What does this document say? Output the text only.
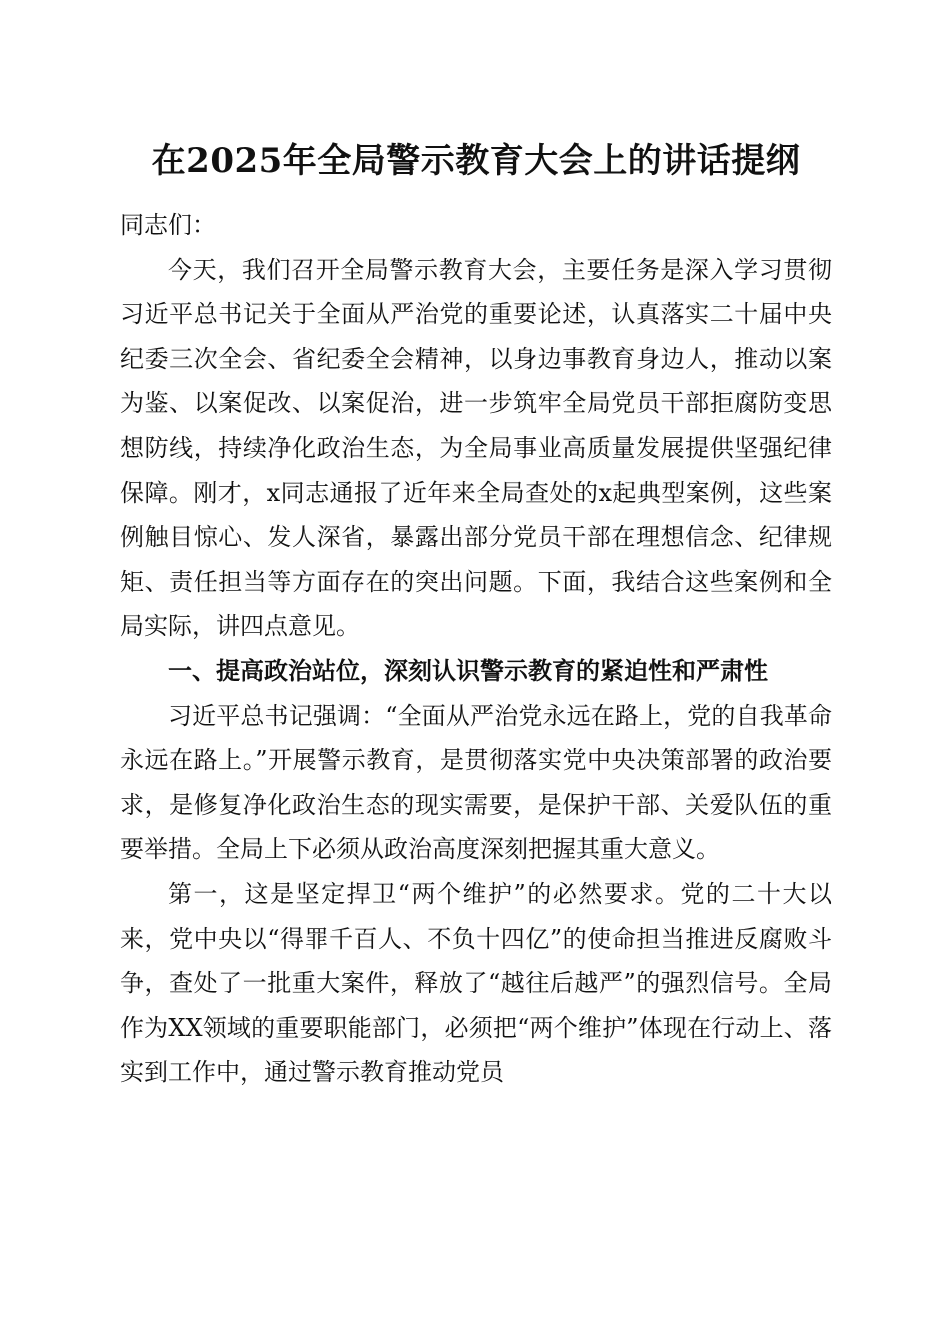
在2025年全局警示教育大会上的讲话提纲

同志们：

今天，我们召开全局警示教育大会，主要任务是深入学习贯彻习近平总书记关于全面从严治党的重要论述，认真落实二十届中央纪委三次全会、省纪委全会精神，以身边事教育身边人，推动以案为鉴、以案促改、以案促治，进一步筑牢全局党员干部拒腐防变思想防线，持续净化政治生态，为全局事业高质量发展提供坚强纪律保障。刚才，x同志通报了近年来全局查处的x起典型案例，这些案例触目惊心、发人深省，暴露出部分党员干部在理想信念、纪律规矩、责任担当等方面存在的突出问题。下面，我结合这些案例和全局实际，讲四点意见。

一、提高政治站位，深刻认识警示教育的紧迫性和严肃性

习近平总书记强调：“全面从严治党永远在路上，党的自我革命永远在路上。”开展警示教育，是贯彻落实党中央决策部署的政治要求，是修复净化政治生态的现实需要，是保护干部、关爱队伍的重要举措。全局上下必须从政治高度深刻把握其重大意义。

第一，这是坚定捍卫“两个维护”的必然要求。党的二十大以来，党中央以“得罪千百人、不负十四亿”的使命担当推进反腐败斗争，查处了一批重大案件，释放了“越往后越严”的强烈信号。全局作为XX领域的重要职能部门，必须把“两个维护”体现在行动上、落实到工作中，通过警示教育推动党员
